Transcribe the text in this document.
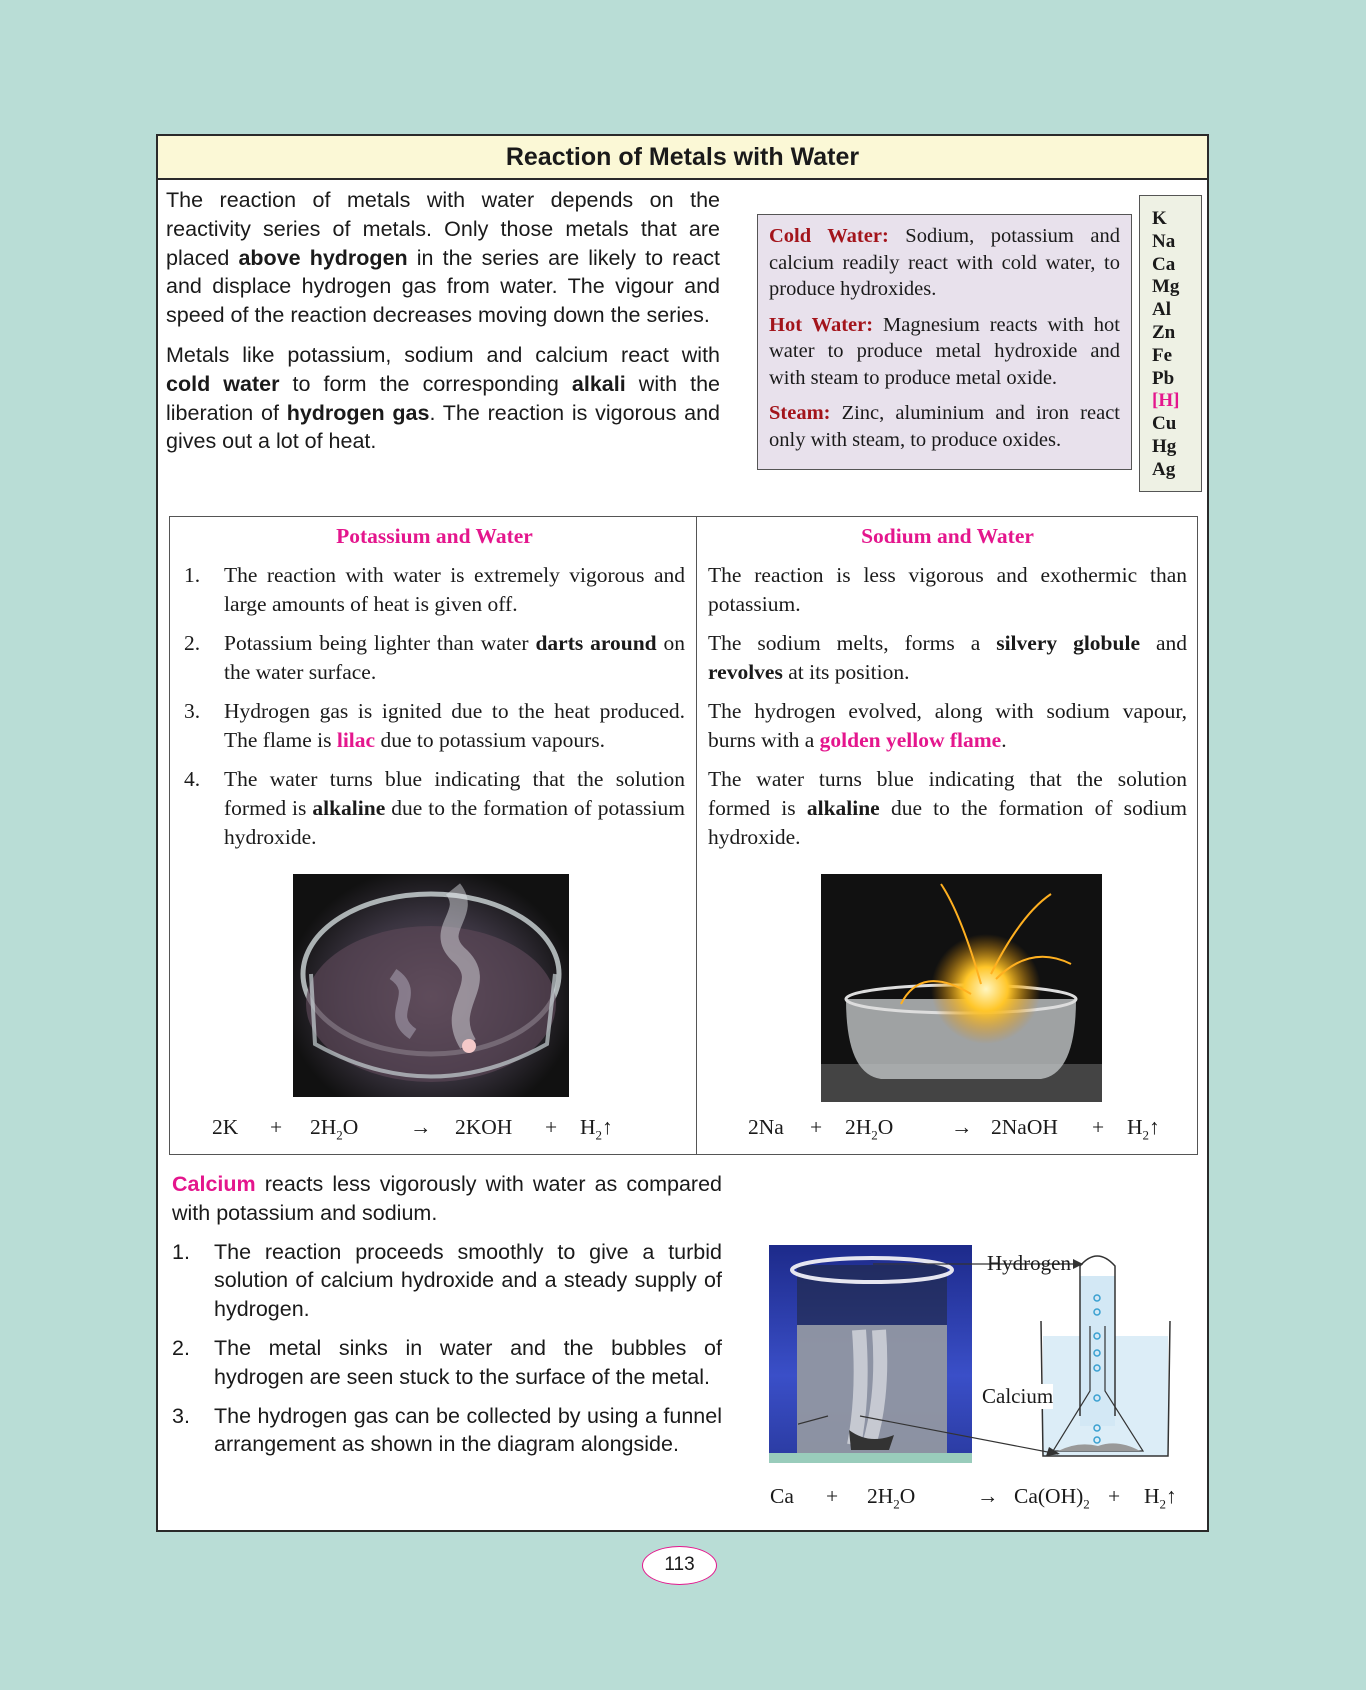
Reaction of Metals with Water

The reaction of metals with water depends on the reactivity series of metals. Only those metals that are placed above hydrogen in the series are likely to react and displace hydrogen gas from water. The vigour and speed of the reaction decreases moving down the series.

Metals like potassium, sodium and calcium react with cold water to form the corresponding alkali with the liberation of hydrogen gas. The reaction is vigorous and gives out a lot of heat.

Cold Water: Sodium, potassium and calcium readily react with cold water, to produce hydroxides.

Hot Water: Magnesium reacts with hot water to produce metal hydroxide and with steam to produce metal oxide.

Steam: Zinc, aluminium and iron react only with steam, to produce oxides.

K
Na
Ca
Mg
Al
Zn
Fe
Pb
[H]
Cu
Hg
Ag
Potassium and Water
1.	The reaction with water is extremely vigorous and large amounts of heat is given off.
2.	Potassium being lighter than water darts around on the water surface.
3.	Hydrogen gas is ignited due to the heat produced. The flame is lilac due to potassium vapours.
4.	The water turns blue indicating that the solution formed is alkaline due to the formation of potassium hydroxide.
$2K + 2H_2O \to 2KOH$ + $H_2↑$
Sodium and Water
The reaction is less vigorous and exothermic than potassium.
The sodium melts, forms a silvery globule and revolves at its position.
The hydrogen evolved, along with sodium vapour, burns with a golden yellow flame.
The water turns blue indicating that the solution formed is alkaline due to the formation of sodium hydroxide.
$2Na + 2H_2O$	→ 2NaOH + $H_2↑$

Calcium reacts less vigorously with water as compared with potassium and sodium.

1.	The reaction proceeds smoothly to give a turbid solution of calcium hydroxide and a steady supply of hydrogen.
2.	The metal sinks in water and the bubbles of hydrogen are seen stuck to the surface of the metal.
3.	The hydrogen gas can be collected by using a funnel arrangement as shown in the diagram alongside.
Hydrogen
Calcium
$Ca + 2H_2O$	→ $Ca(OH)_2$ + $H_2↑$
113
